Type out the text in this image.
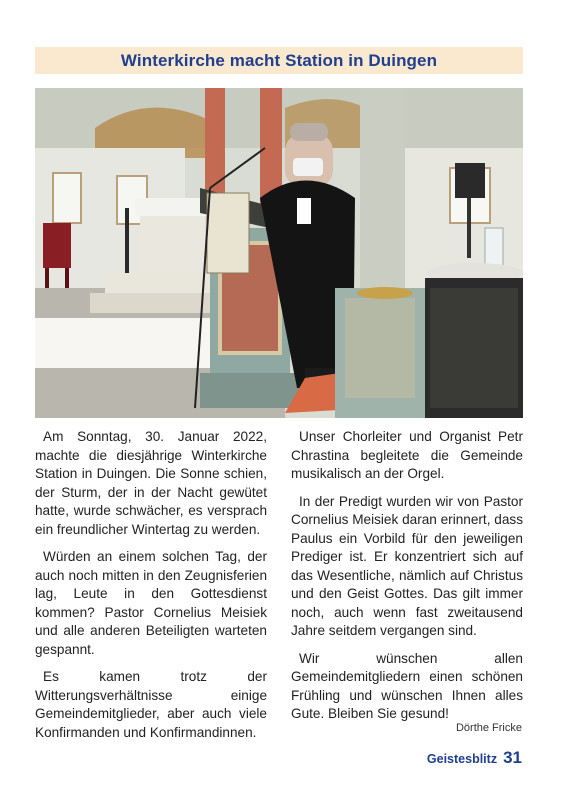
Winterkirche macht Station in Duingen

Am Sonntag, 30. Januar 2022, machte die diesjährige Winterkirche Station in Duingen. Die Sonne schien, der Sturm, der in der Nacht gewütet hatte, wurde schwächer, es versprach ein freundlicher Wintertag zu werden.

Würden an einem solchen Tag, der auch noch mitten in den Zeugnisferien lag, Leute in den Gottesdienst kommen? Pastor Cornelius Meisiek und alle anderen Beteiligten warteten gespannt.

Es kamen trotz der Witterungsverhältnisse einige Gemeindemitglieder, aber auch viele Konfirmanden und Konfirmandinnen.

Unser Chorleiter und Organist Petr Chrastina begleitete die Gemeinde musikalisch an der Orgel.

In der Predigt wurden wir von Pastor Cornelius Meisiek daran erinnert, dass Paulus ein Vorbild für den jeweiligen Prediger ist. Er konzentriert sich auf das Wesentliche, nämlich auf Christus und den Geist Gottes. Das gilt immer noch, auch wenn fast zweitausend Jahre seitdem vergangen sind.

Wir wünschen allen Gemeindemitgliedern einen schönen Frühling und wünschen Ihnen alles Gute. Bleiben Sie gesund!

Dörthe Fricke
Geistesblitz 31
